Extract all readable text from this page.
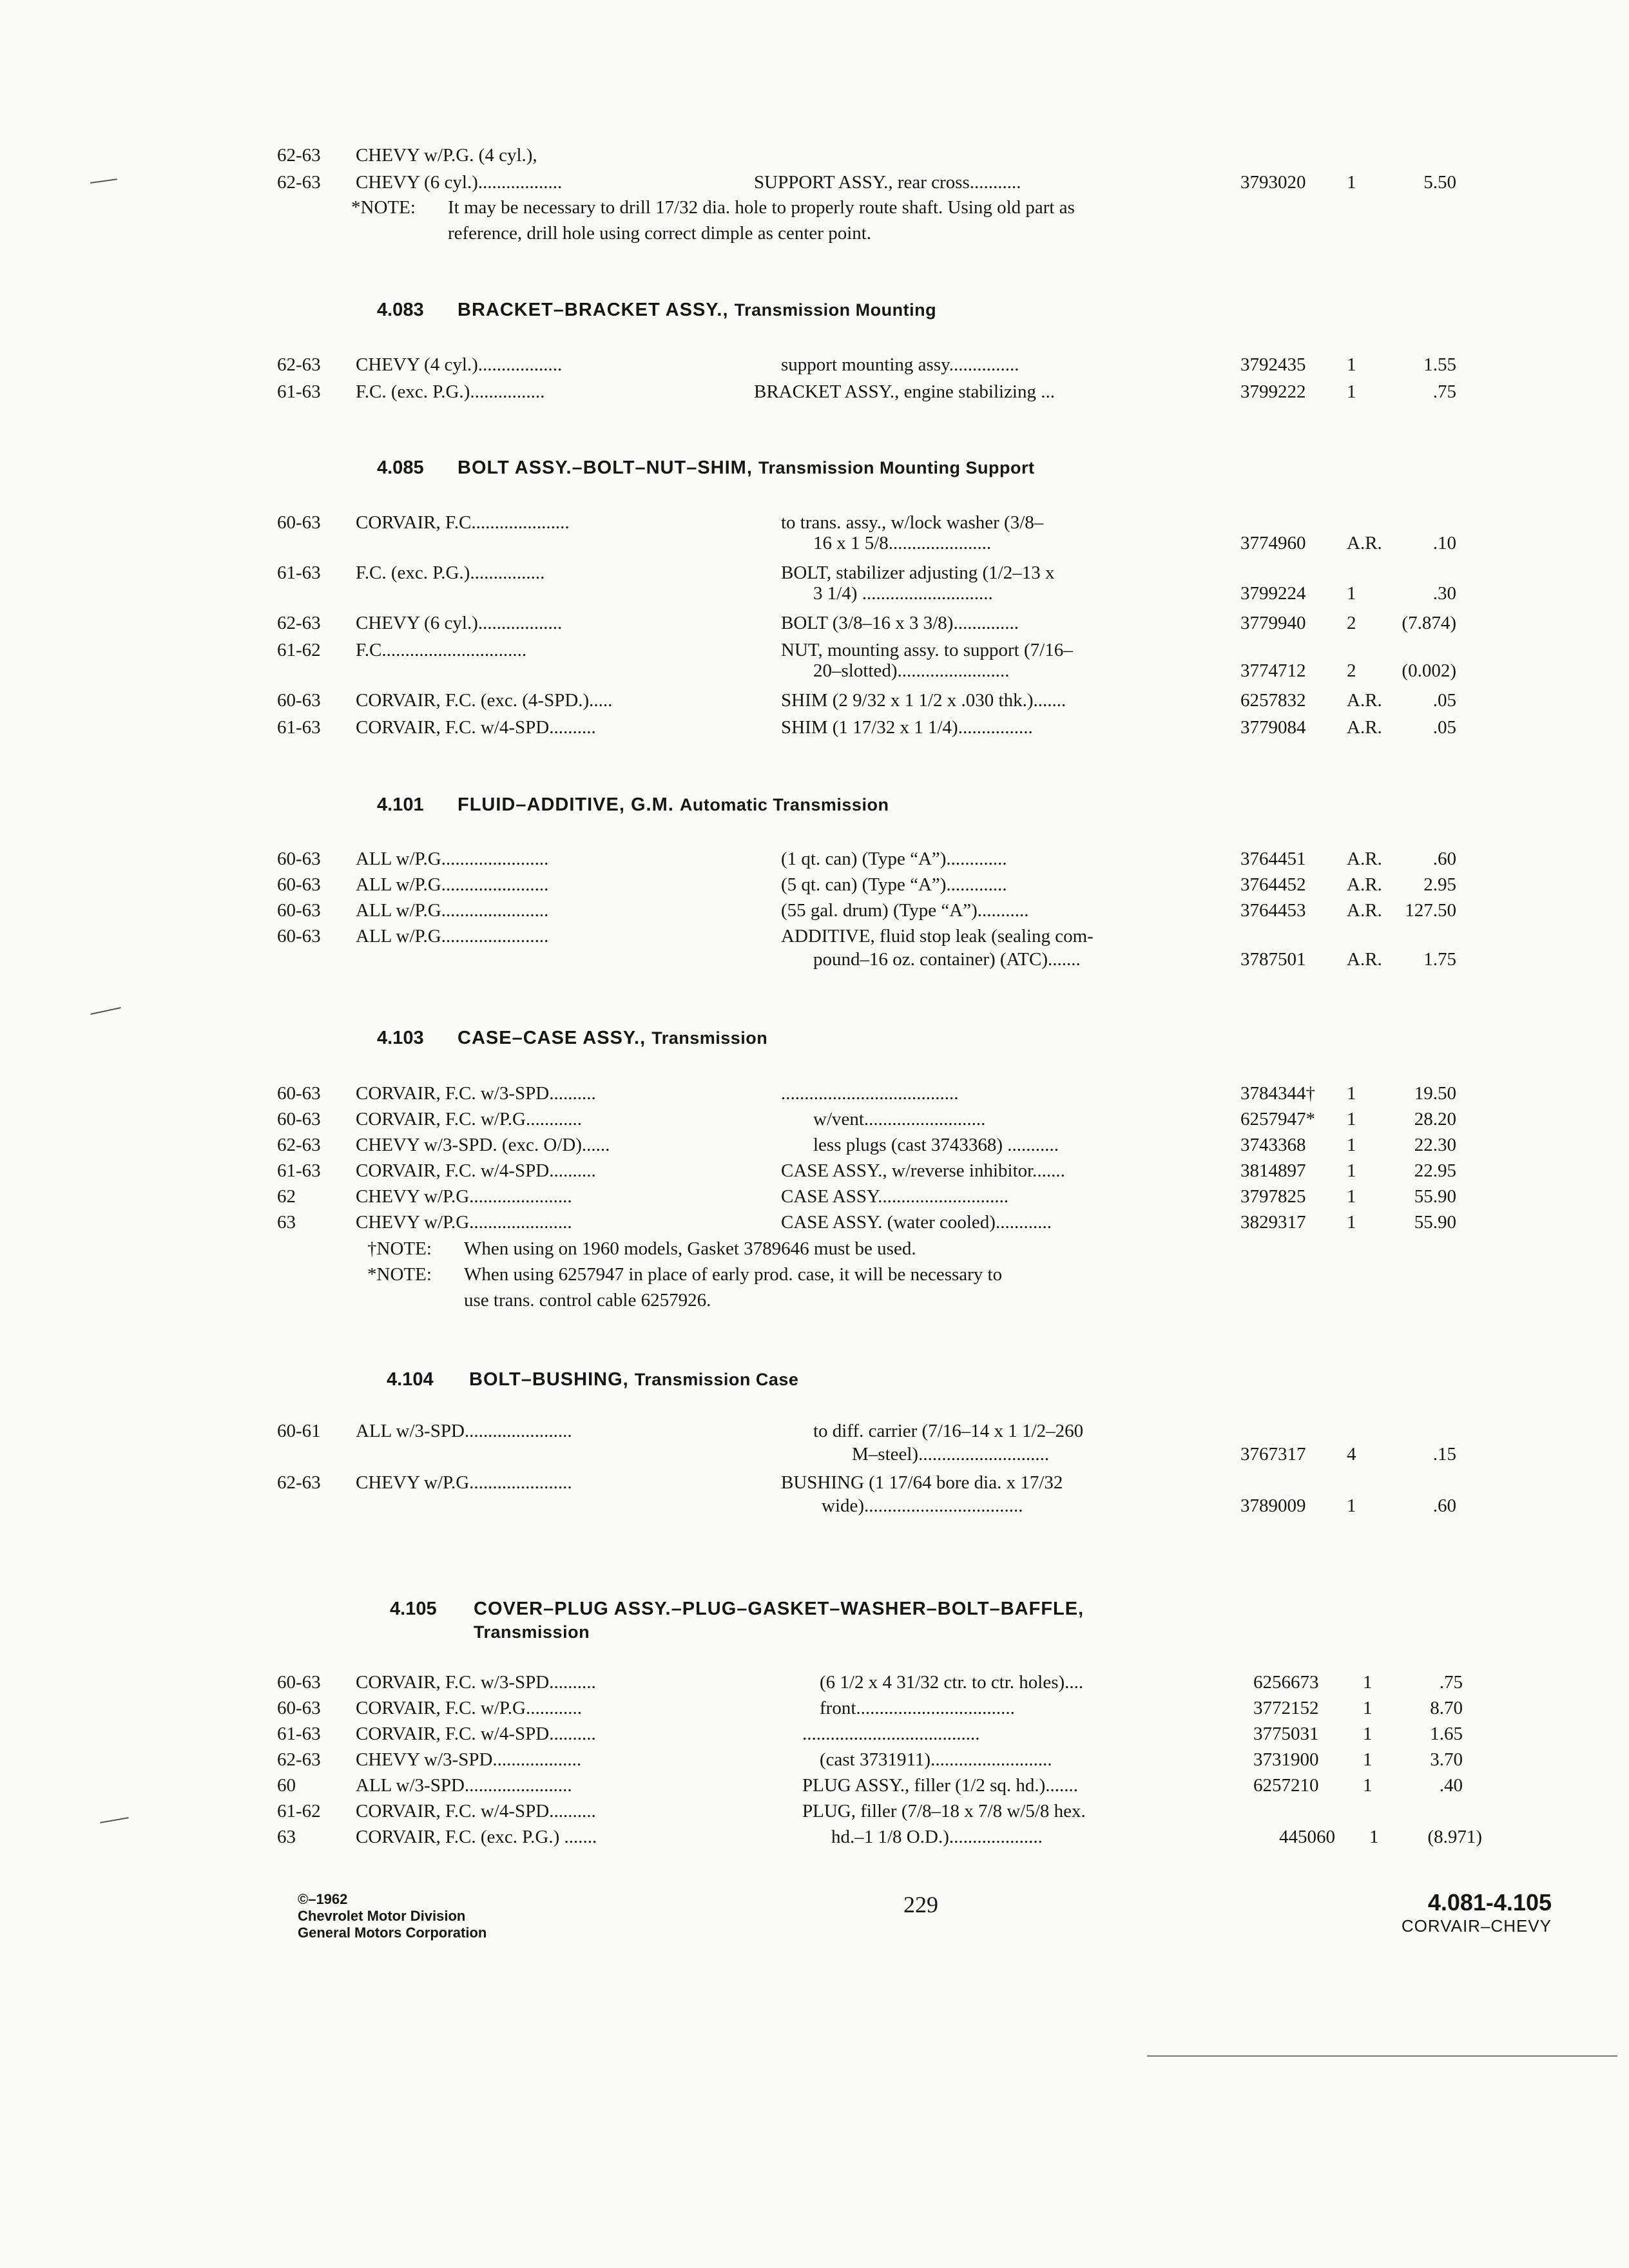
62-63 CHEVY w/P.G. (4 cyl.),
62-63 CHEVY (6 cyl.)..................	SUPPORT ASSY., rear cross...........	3793020 1	5.50
*NOTE: It may be necessary to drill 17/32 dia. hole to properly route shaft. Using old part as
reference, drill hole using correct dimple as center point.
4.083 BRACKET–BRACKET ASSY., Transmission Mounting
62-63 CHEVY (4 cyl.)..................	support mounting assy...............	3792435 1	1.55
61-63 F.C. (exc. P.G.)................	BRACKET ASSY., engine stabilizing ...	3799222 1	.75
4.085 BOLT ASSY.–BOLT–NUT–SHIM, Transmission Mounting Support
60-63 CORVAIR, F.C.....................	to trans. assy., w/lock washer (3/8–
16 x 1 5/8......................	3774960 A.R.	.10
61-63 F.C. (exc. P.G.)................	BOLT, stabilizer adjusting (1/2–13 x
3 1/4) ............................	3799224 1	.30
62-63 CHEVY (6 cyl.)..................	BOLT (3/8–16 x 3 3/8)..............	3779940 2	(7.874)
61-62 F.C...............................	NUT, mounting assy. to support (7/16–
20–slotted)........................	3774712 2	(0.002)
60-63 CORVAIR, F.C. (exc. (4-SPD.).....	SHIM (2 9/32 x 1 1/2 x .030 thk.).......	6257832 A.R.	.05
61-63 CORVAIR, F.C. w/4-SPD..........	SHIM (1 17/32 x 1 1/4)................	3779084 A.R.	.05
4.101 FLUID–ADDITIVE, G.M. Automatic Transmission
60-63 ALL w/P.G.......................	(1 qt. can) (Type “A”).............	3764451 A.R.	.60
60-63 ALL w/P.G.......................	(5 qt. can) (Type “A”).............	3764452 A.R.	2.95
60-63 ALL w/P.G.......................	(55 gal. drum) (Type “A”)...........	3764453 A.R.	127.50
60-63 ALL w/P.G.......................	ADDITIVE, fluid stop leak (sealing com-
pound–16 oz. container) (ATC).......	3787501 A.R.	1.75
4.103 CASE–CASE ASSY., Transmission
60-63 CORVAIR, F.C. w/3-SPD..........	......................................	3784344† 1	19.50
60-63 CORVAIR, F.C. w/P.G............	w/vent..........................	6257947* 1	28.20
62-63 CHEVY w/3-SPD. (exc. O/D)......	less plugs (cast 3743368) ...........	3743368 1	22.30
61-63 CORVAIR, F.C. w/4-SPD..........	CASE ASSY., w/reverse inhibitor.......	3814897 1	22.95
62	CHEVY w/P.G......................	CASE ASSY............................	3797825 1	55.90
63	CHEVY w/P.G......................	CASE ASSY. (water cooled)............	3829317 1	55.90
†NOTE: When using on 1960 models, Gasket 3789646 must be used.
*NOTE: When using 6257947 in place of early prod. case, it will be necessary to
use trans. control cable 6257926.
4.104 BOLT–BUSHING, Transmission Case
60-61 ALL w/3-SPD.......................	to diff. carrier (7/16–14 x 1 1/2–260
M–steel)............................	3767317 4	.15
62-63 CHEVY w/P.G......................	BUSHING (1 17/64 bore dia. x 17/32
wide)..................................	3789009 1	.60
4.105 COVER–PLUG ASSY.–PLUG–GASKET–WASHER–BOLT–BAFFLE,
Transmission
60-63 CORVAIR, F.C. w/3-SPD..........	(6 1/2 x 4 31/32 ctr. to ctr. holes)....	6256673 1	.75
60-63 CORVAIR, F.C. w/P.G............	front..................................	3772152 1	8.70
61-63 CORVAIR, F.C. w/4-SPD..........	......................................	3775031 1	1.65
62-63 CHEVY w/3-SPD...................	(cast 3731911)..........................	3731900 1	3.70
60	ALL w/3-SPD.......................	PLUG ASSY., filler (1/2 sq. hd.).......	6257210 1	.40
61-62 CORVAIR, F.C. w/4-SPD..........	PLUG, filler (7/8–18 x 7/8 w/5/8 hex.
63	CORVAIR, F.C. (exc. P.G.) .......	hd.–1 1/8 O.D.)....................	445060 1	(8.971)
©–1962
Chevrolet Motor Division
General Motors Corporation
229	4.081-4.105
CORVAIR–CHEVY
